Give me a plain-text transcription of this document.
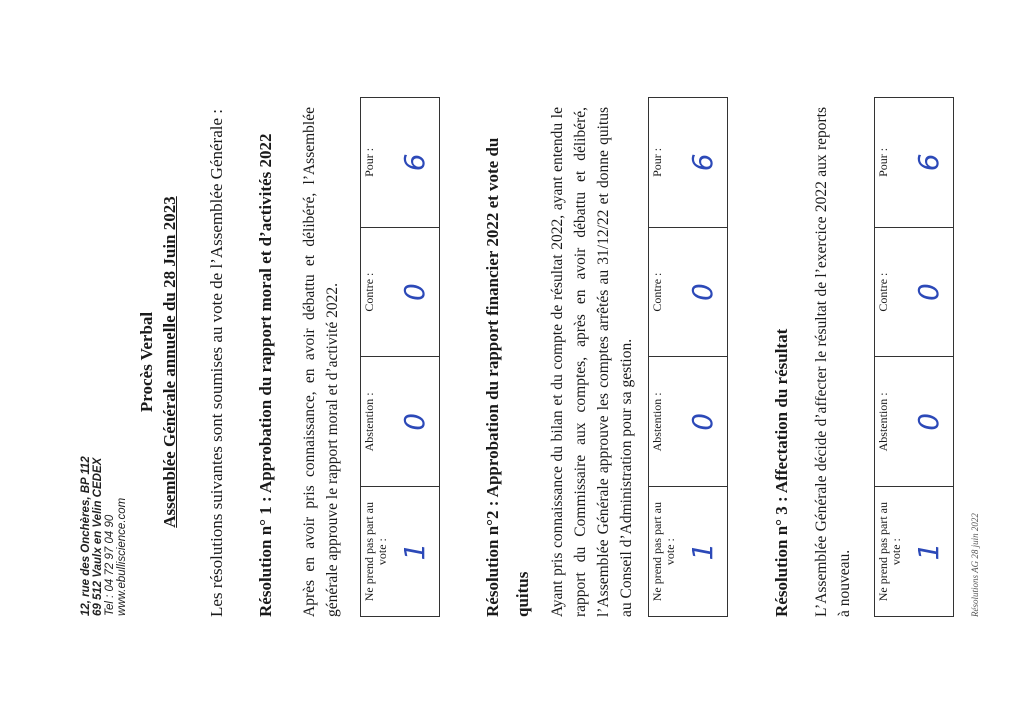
12, rue des Onchères, BP 112 69 512 Vaulx en Velin CEDEX Tel : 04 72 97 04 90 www.ebulliscience.com
Procès Verbal Assemblée Générale annuelle du 28 Juin 2023 Les résolutions suivantes sont soumises au vote de l’Assemblée Générale : Résolution n° 1 : Approbation du rapport moral et d’activités 2022 Après en avoir pris connaissance, en avoir débattu et délibéré, l’Assemblée générale approuve le rapport moral et d’activité 2022. Ne prend pas part au vote : 1

Abstention : 0

Contre : 0

Pour : 6	Résolution n°2 : Approbation du rapport financier 2022 et vote du quitus	Ayant pris connaissance du bilan et du compte de résultat 2022, ayant entendu le rapport du Commissaire aux comptes, après en avoir débattu et délibéré, l’Assemblée Générale approuve les comptes arrêtés au 31/12/22 et donne quitus au Conseil d’Administration pour sa gestion. Ne prend pas part au vote : 1

Abstention : 0

Contre : 0

Pour : 6
Résolution n° 3 : Affectation du résultat L’Assemblée Générale décide d’affecter le résultat de l’exercice 2022 aux reports à nouveau. Ne prend pas part au vote : 1

Abstention : 0

Contre : 0

Pour : 6
Résolutions AG 28 juin 2022
